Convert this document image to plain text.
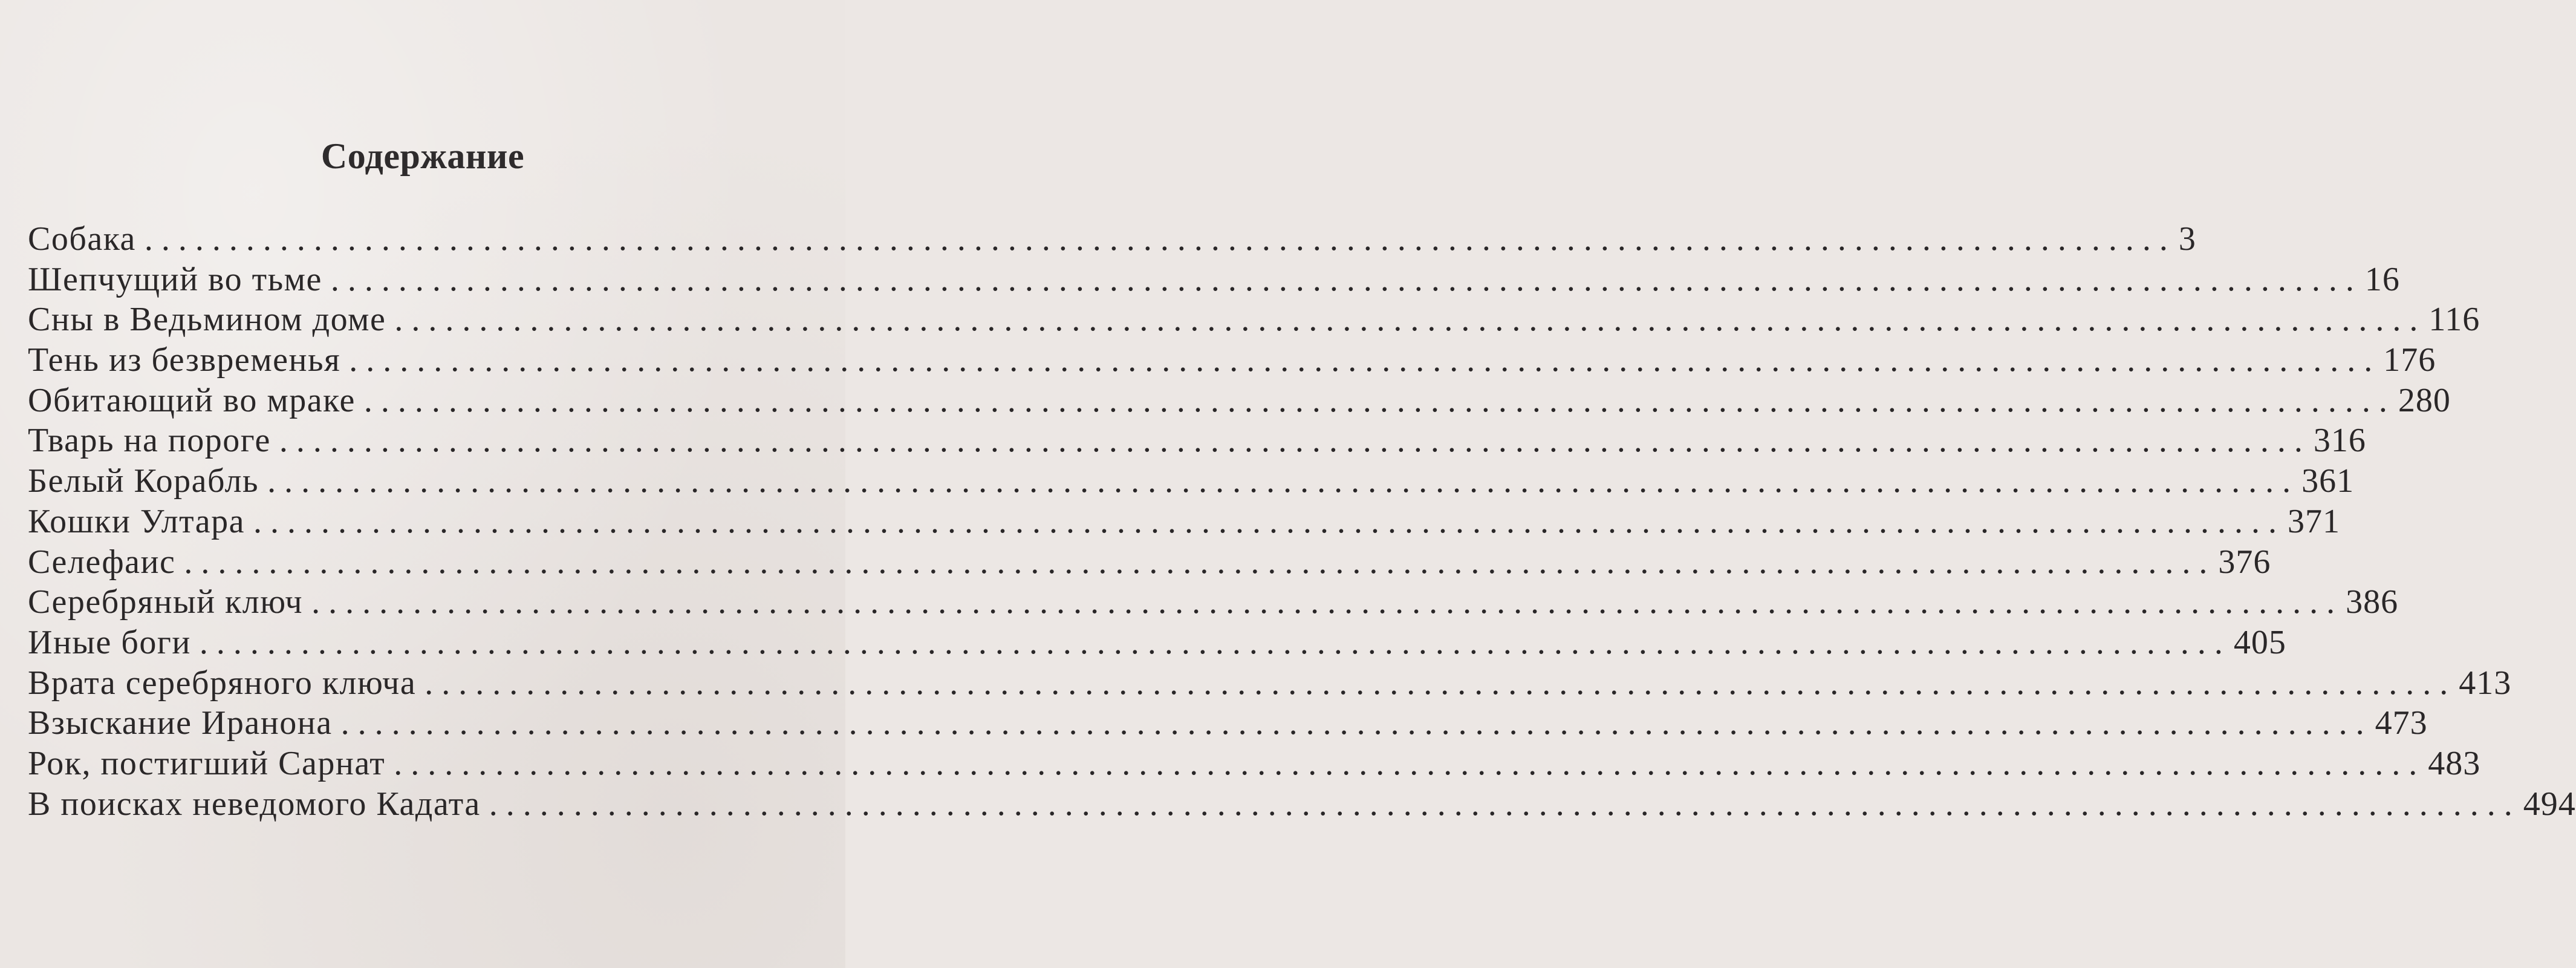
Содержание
Собака ........................................................................................................................ 3
Шепчущий во тьме ........................................................................................................................ 16
Сны в Ведьмином доме ........................................................................................................................ 116
Тень из безвременья ........................................................................................................................ 176
Обитающий во мраке ........................................................................................................................ 280
Тварь на пороге ........................................................................................................................ 316
Белый Корабль ........................................................................................................................ 361
Кошки Ултара ........................................................................................................................ 371
Селефаис ........................................................................................................................ 376
Серебряный ключ ........................................................................................................................ 386
Иные боги ........................................................................................................................ 405
Врата серебряного ключа ........................................................................................................................ 413
Взыскание Иранона ........................................................................................................................ 473
Рок, постигший Сарнат ........................................................................................................................ 483
В поисках неведомого Кадата ........................................................................................................................ 494
